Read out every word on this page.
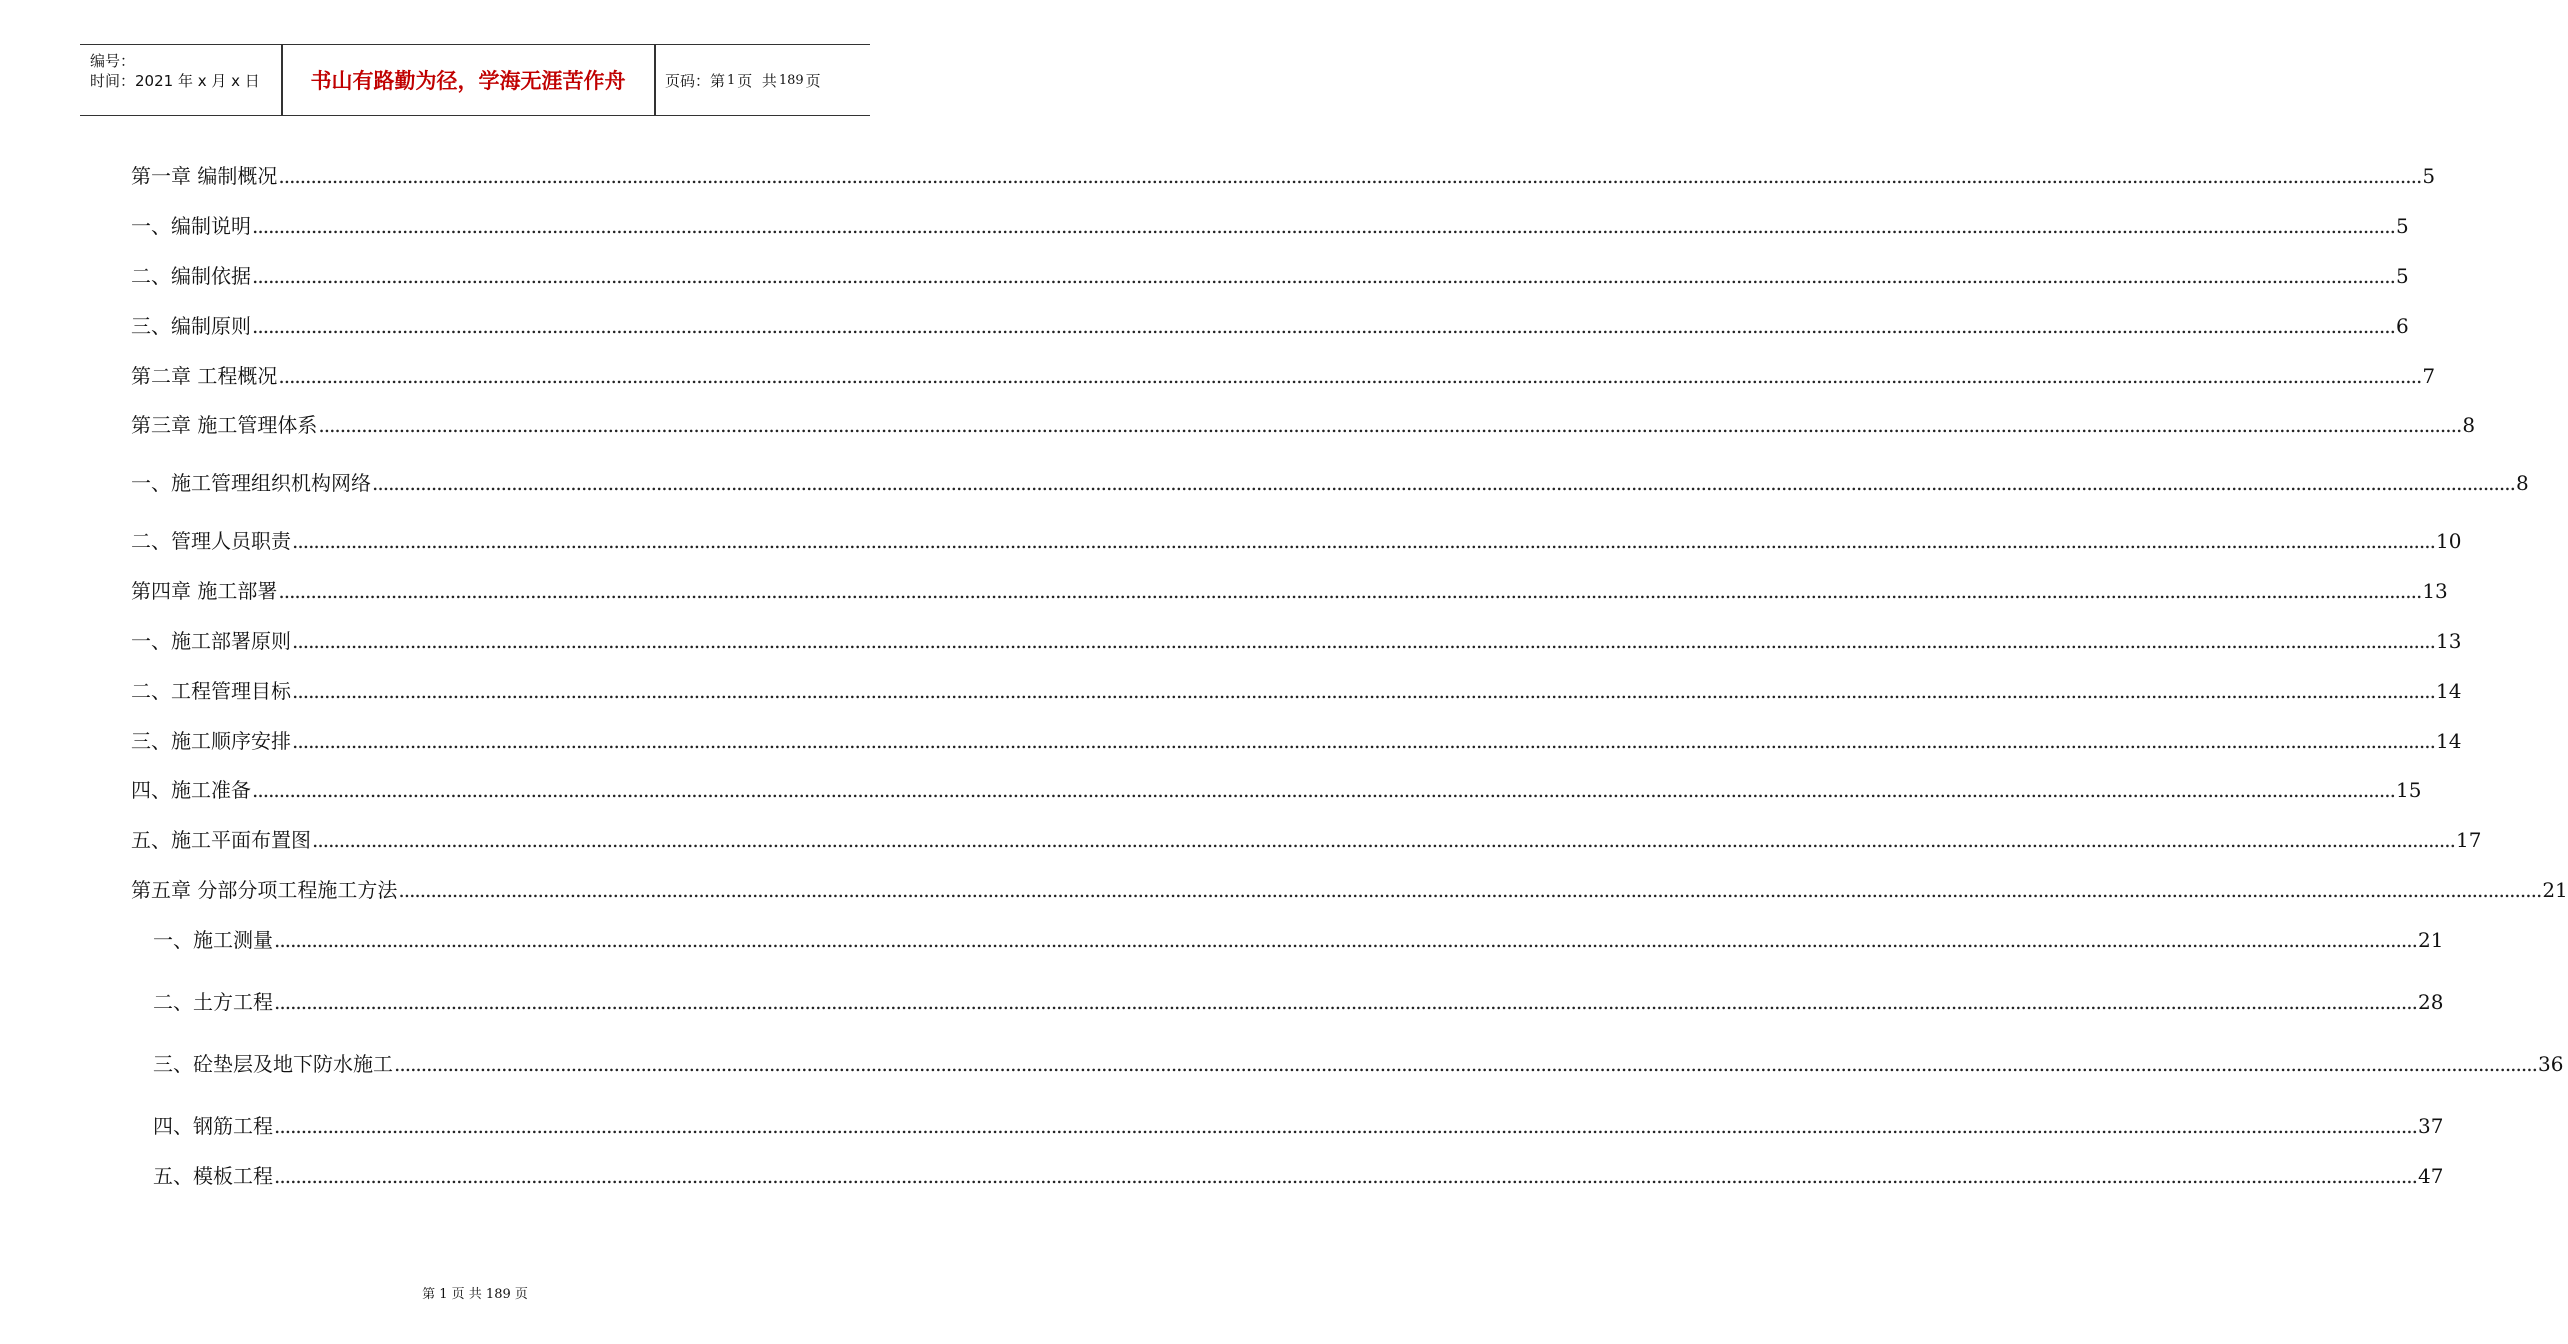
编号：
时间：2021 年 x 月 x 日	书山有路勤为径，学海无涯苦作舟	页码：第 1 页  共 189 页
第一章 编制概况 ................................................................................................................................................................................................................................................................................................................................................................................................................ 5
一、编制说明 ................................................................................................................................................................................................................................................................................................................................................................................................................ 5
二、编制依据 ................................................................................................................................................................................................................................................................................................................................................................................................................ 5
三、编制原则 ................................................................................................................................................................................................................................................................................................................................................................................................................ 6
第二章 工程概况 ................................................................................................................................................................................................................................................................................................................................................................................................................ 7
第三章 施工管理体系 ................................................................................................................................................................................................................................................................................................................................................................................................................ 8
一、施工管理组织机构网络 ................................................................................................................................................................................................................................................................................................................................................................................................................ 8
二、管理人员职责 ................................................................................................................................................................................................................................................................................................................................................................................................................ 10
第四章 施工部署 ................................................................................................................................................................................................................................................................................................................................................................................................................ 13
一、施工部署原则 ................................................................................................................................................................................................................................................................................................................................................................................................................ 13
二、工程管理目标 ................................................................................................................................................................................................................................................................................................................................................................................................................ 14
三、施工顺序安排 ................................................................................................................................................................................................................................................................................................................................................................................................................ 14
四、施工准备 ................................................................................................................................................................................................................................................................................................................................................................................................................ 15
五、施工平面布置图 ................................................................................................................................................................................................................................................................................................................................................................................................................ 17
第五章 分部分项工程施工方法 ................................................................................................................................................................................................................................................................................................................................................................................................................ 21
一、施工测量 ................................................................................................................................................................................................................................................................................................................................................................................................................ 21
二、土方工程 ................................................................................................................................................................................................................................................................................................................................................................................................................ 28
三、砼垫层及地下防水施工 ................................................................................................................................................................................................................................................................................................................................................................................................................ 36
四、钢筋工程 ................................................................................................................................................................................................................................................................................................................................................................................................................ 37
五、模板工程 ................................................................................................................................................................................................................................................................................................................................................................................................................ 47
第 1 页 共 189 页
